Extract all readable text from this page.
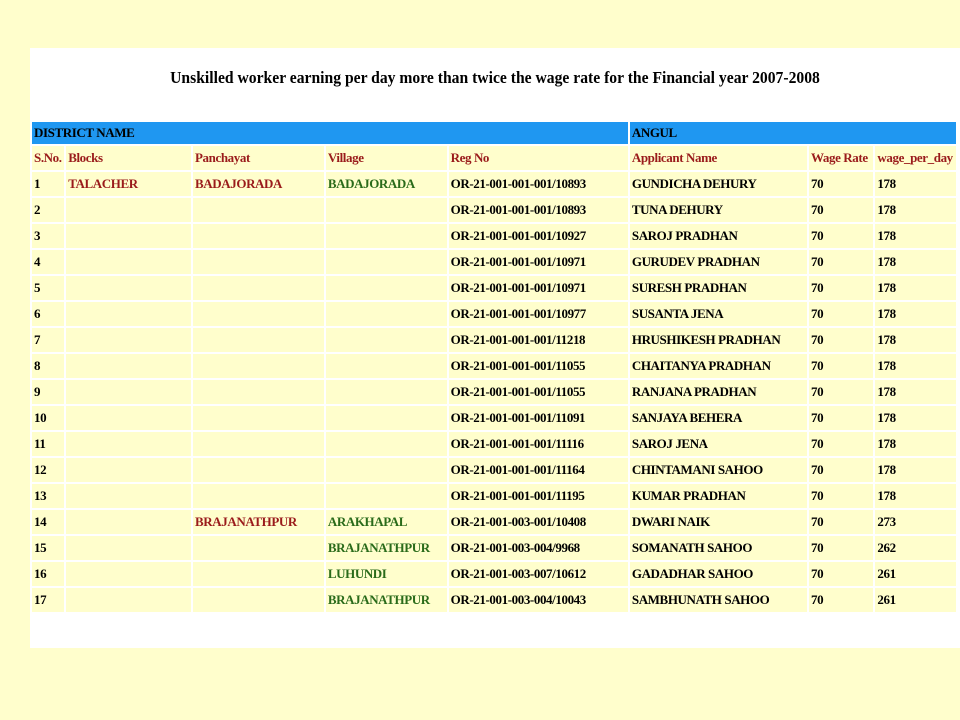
Unskilled worker earning per day more than twice the wage rate for the Financial year 2007-2008
DISTRICT NAME					ANGUL		
S.No.	Blocks	Panchayat	Village	Reg No	Applicant Name	Wage Rate	wage_per_day
1	TALACHER	BADAJORADA	BADAJORADA	OR-21-001-001-001/10893	GUNDICHA DEHURY	70	178
2				OR-21-001-001-001/10893	TUNA DEHURY	70	178
3				OR-21-001-001-001/10927	SAROJ PRADHAN	70	178
4				OR-21-001-001-001/10971	GURUDEV PRADHAN	70	178
5				OR-21-001-001-001/10971	SURESH PRADHAN	70	178
6				OR-21-001-001-001/10977	SUSANTA JENA	70	178
7				OR-21-001-001-001/11218	HRUSHIKESH PRADHAN	70	178
8				OR-21-001-001-001/11055	CHAITANYA PRADHAN	70	178
9				OR-21-001-001-001/11055	RANJANA PRADHAN	70	178
10				OR-21-001-001-001/11091	SANJAYA BEHERA	70	178
11				OR-21-001-001-001/11116	SAROJ JENA	70	178
12				OR-21-001-001-001/11164	CHINTAMANI SAHOO	70	178
13				OR-21-001-001-001/11195	KUMAR PRADHAN	70	178
14		BRAJANATHPUR	ARAKHAPAL	OR-21-001-003-001/10408	DWARI NAIK	70	273
15			BRAJANATHPUR	OR-21-001-003-004/9968	SOMANATH SAHOO	70	262
16			LUHUNDI	OR-21-001-003-007/10612	GADADHAR SAHOO	70	261
17			BRAJANATHPUR	OR-21-001-003-004/10043	SAMBHUNATH SAHOO	70	261
